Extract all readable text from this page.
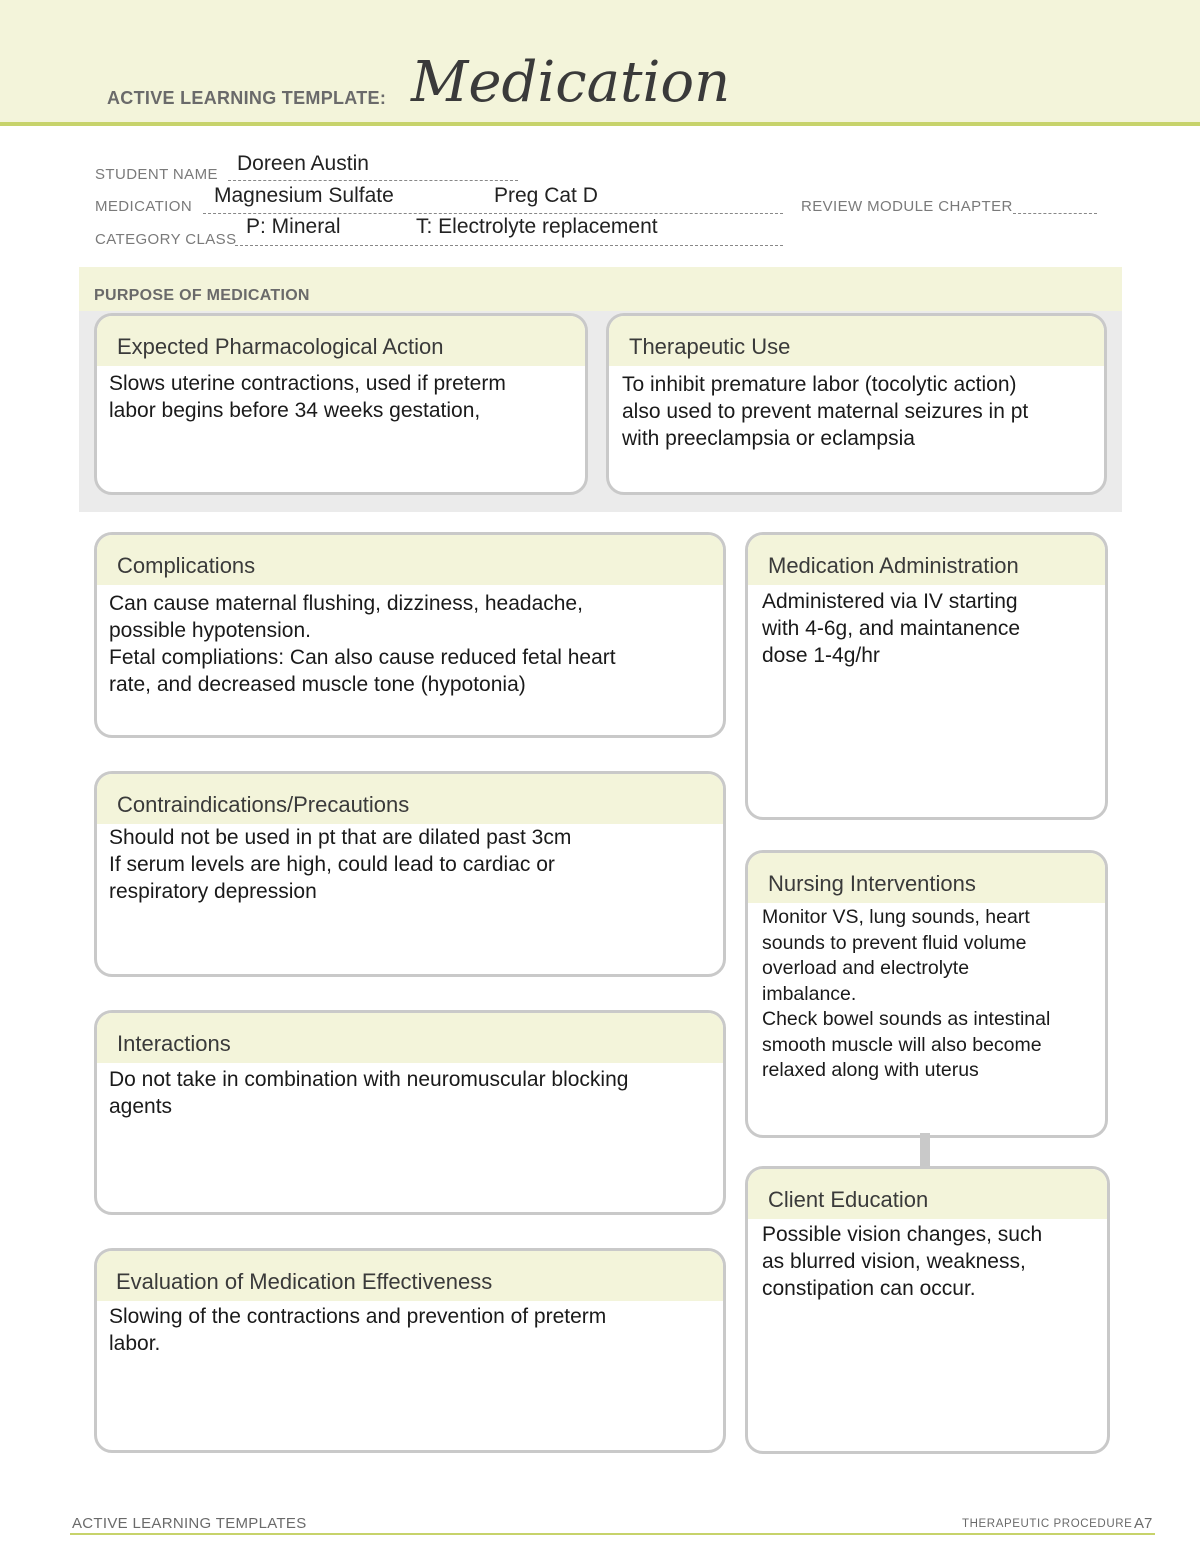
ACTIVE LEARNING TEMPLATE: Medication
STUDENT NAME Doreen Austin
MEDICATION Magnesium Sulfate	Preg Cat D	REVIEW MODULE CHAPTER
CATEGORY CLASS
P: Mineral	T: Electrolyte replacement
PURPOSE OF MEDICATION
Expected Pharmacological Action
Slows uterine contractions, used if preterm
labor begins before 34 weeks gestation,
Therapeutic Use
To inhibit premature labor (tocolytic action)
also used to prevent maternal seizures in pt
with preeclampsia or eclampsia
Complications
Can cause maternal flushing, dizziness, headache,
possible hypotension.
Fetal compliations: Can also cause reduced fetal heart
rate, and decreased muscle tone (hypotonia)
Contraindications/Precautions
Should not be used in pt that are dilated past 3cm
If serum levels are high, could lead to cardiac or
respiratory depression
Interactions
Do not take in combination with neuromuscular blocking
agents
Evaluation of Medication Effectiveness
Slowing of the contractions and prevention of preterm
labor.
Medication Administration
Administered via IV starting
with 4-6g, and maintanence
dose 1-4g/hr
Nursing Interventions
Monitor VS, lung sounds, heart
sounds to prevent fluid volume
overload and electrolyte
imbalance.
Check bowel sounds as intestinal
smooth muscle will also become
relaxed along with uterus
Client Education
Possible vision changes, such
as blurred vision, weakness,
constipation can occur.
ACTIVE LEARNING TEMPLATES	THERAPEUTIC PROCEDURE A7
